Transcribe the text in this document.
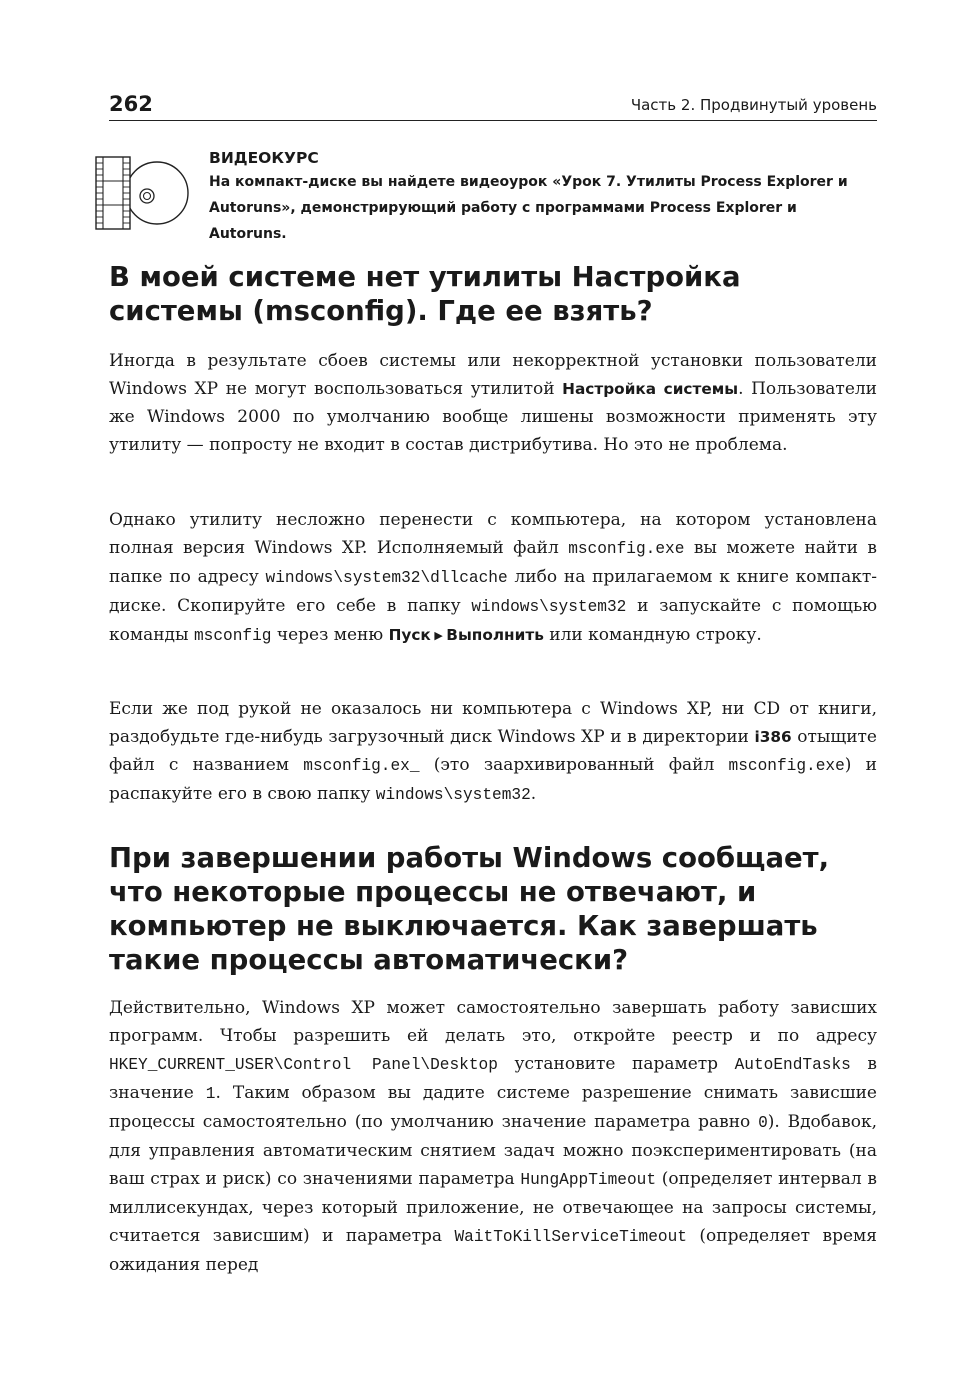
262	Часть 2. Продвинутый уровень
ВИДЕОКУРС
На компакт-диске вы найдете видеоурок «Урок 7. Утилиты Process Explorer и Autoruns», демонстрирующий работу с программами Process Explorer и Autoruns.
В моей системе нет утилиты Настройка системы (msconfig). Где ее взять?

Иногда в результате сбоев системы или некорректной установки пользователи Windows XP не могут воспользоваться утилитой Настройка системы. Пользователи же Windows 2000 по умолчанию вообще лишены возможности применять эту утилиту — попросту не входит в состав дистрибутива. Но это не проблема.

Однако утилиту несложно перенести с компьютера, на котором установлена полная версия Windows XP. Исполняемый файл msconfig.exe вы можете найти в папке по адресу windows\system32\dllcache либо на прилагаемом к книге компакт-диске. Скопируйте его себе в папку windows\system32 и запускайте с помощью команды msconfig через меню Пуск ▶ Выполнить или командную строку.

Если же под рукой не оказалось ни компьютера с Windows XP, ни CD от книги, раздобудьте где-нибудь загрузочный диск Windows XP и в директории i386 отыщите файл с названием msconfig.ex_ (это заархивированный файл msconfig.exe) и распакуйте его в свою папку windows\system32.

При завершении работы Windows сообщает, что некоторые процессы не отвечают, и компьютер не выключается. Как завершать такие процессы автоматически?

Действительно, Windows XP может самостоятельно завершать работу зависших программ. Чтобы разрешить ей делать это, откройте реестр и по адресу HKEY_CURRENT_USER\Control Panel\Desktop установите параметр AutoEndTasks в значение 1. Таким образом вы дадите системе разрешение снимать зависшие процессы самостоятельно (по умолчанию значение параметра равно 0). Вдобавок, для управления автоматическим снятием задач можно поэкспериментировать (на ваш страх и риск) со значениями параметра HungAppTimeout (определяет интервал в миллисекундах, через который приложение, не отвечающее на запросы системы, считается зависшим) и параметра WaitToKillServiceTimeout (определяет время ожидания перед
